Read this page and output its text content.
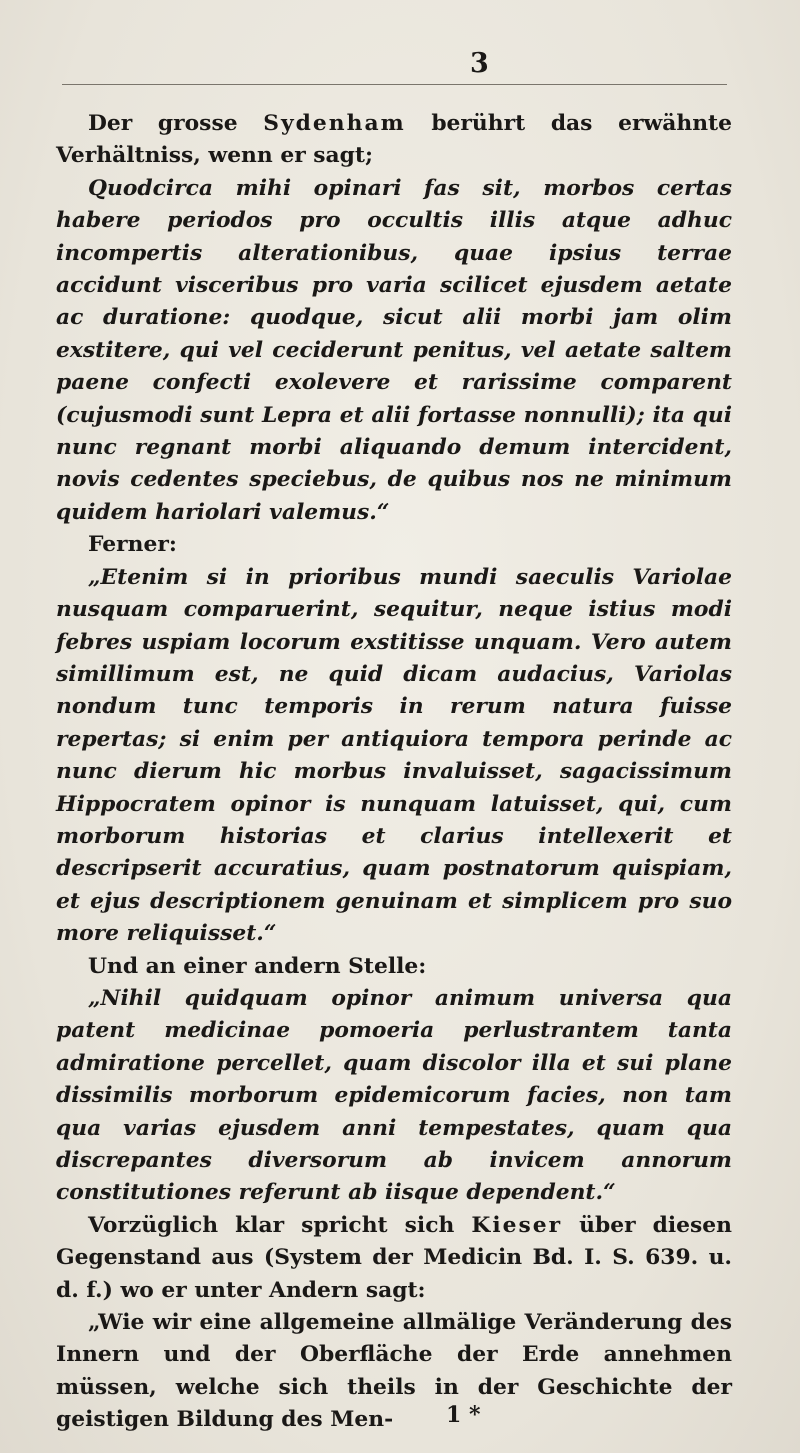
3

Der grosse Sydenham berührt das erwähnte Verhältniss, wenn er sagt;

Quodcirca mihi opinari fas sit, morbos certas habere periodos pro occultis illis atque adhuc incompertis alterationibus, quae ipsius terrae accidunt visceribus pro varia scilicet ejusdem aetate ac duratione: quodque, sicut alii morbi jam olim exstitere, qui vel ceciderunt penitus, vel aetate saltem paene confecti exolevere et rarissime comparent (cujusmodi sunt Lepra et alii fortasse nonnulli); ita qui nunc regnant morbi aliquando demum intercident, novis cedentes speciebus, de quibus nos ne minimum quidem hariolari valemus.“

Ferner:

„Etenim si in prioribus mundi saeculis Variolae nusquam comparuerint, sequitur, neque istius modi febres uspiam locorum exstitisse unquam. Vero autem simillimum est, ne quid dicam audacius, Variolas nondum tunc temporis in rerum natura fuisse repertas; si enim per antiquiora tempora perinde ac nunc dierum hic morbus invaluisset, sagacissimum Hippocratem opinor is nunquam latuisset, qui, cum morborum historias et clarius intellexerit et descripserit accuratius, quam postnatorum quispiam, et ejus descriptionem genuinam et simplicem pro suo more reliquisset.“

Und an einer andern Stelle:

„Nihil quidquam opinor animum universa qua patent medicinae pomoeria perlustrantem tanta admiratione percellet, quam discolor illa et sui plane dissimilis morborum epidemicorum facies, non tam qua varias ejusdem anni tempestates, quam qua discrepantes diversorum ab invicem annorum constitutiones referunt ab iisque dependent.“

Vorzüglich klar spricht sich Kieser über diesen Gegenstand aus (System der Medicin Bd. I. S. 639. u. d. f.) wo er unter Andern sagt:

„Wie wir eine allgemeine allmälige Veränderung des Innern und der Oberfläche der Erde annehmen müssen, welche sich theils in der Geschichte der geistigen Bildung des Men-	1 *
